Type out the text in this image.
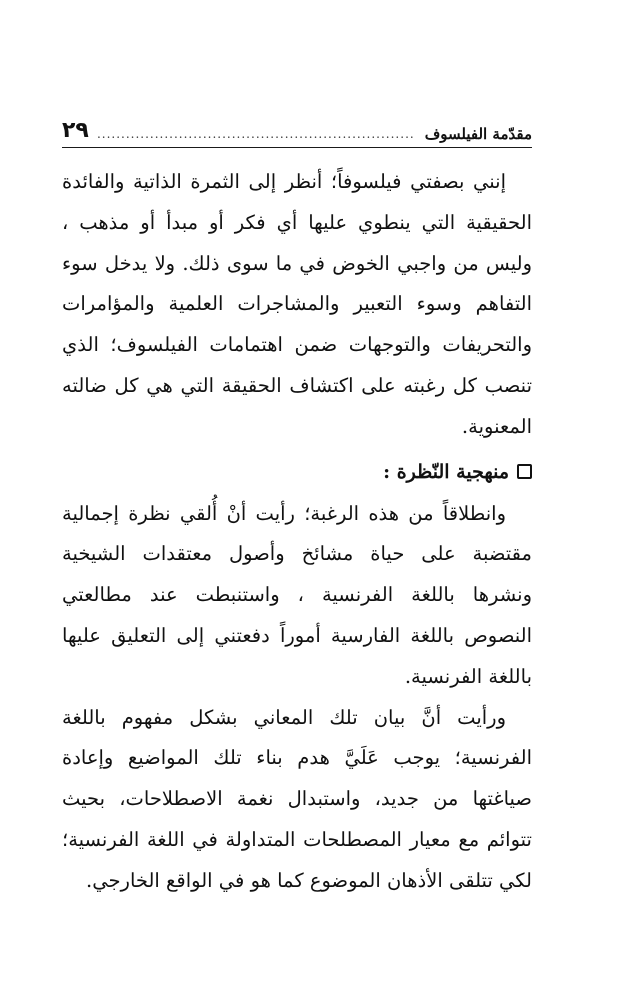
مقدّمة الفيلسوف
..................................................................
٢٩

إنني بصفتي فيلسوفاً؛ أنظر إلى الثمرة الذاتية والفائدة الحقيقية التي ينطوي عليها أي فكر أو مبدأ أو مذهب ، وليس من واجبي الخوض في ما سوى ذلك. ولا يدخل سوء التفاهم وسوء التعبير والمشاجرات العلمية والمؤامرات والتحريفات والتوجهات ضمن اهتمامات الفيلسوف؛ الذي تنصب كل رغبته على اكتشاف الحقيقة التي هي كل ضالته المعنوية.

منهجية النّظرة :

وانطلاقاً من هذه الرغبة؛ رأيت أنْ أُلقي نظرة إجمالية مقتضبة على حياة مشائخ وأصول معتقدات الشيخية ونشرها باللغة الفرنسية ، واستنبطت عند مطالعتي النصوص باللغة الفارسية أموراً دفعتني إلى التعليق عليها باللغة الفرنسية.

ورأيت أنَّ بيان تلك المعاني بشكل مفهوم باللغة الفرنسية؛ يوجب عَلَيَّ هدم بناء تلك المواضيع وإعادة صياغتها من جديد، واستبدال نغمة الاصطلاحات، بحيث تتوائم مع معيار المصطلحات المتداولة في اللغة الفرنسية؛ لكي تتلقى الأذهان الموضوع كما هو في الواقع الخارجي.
